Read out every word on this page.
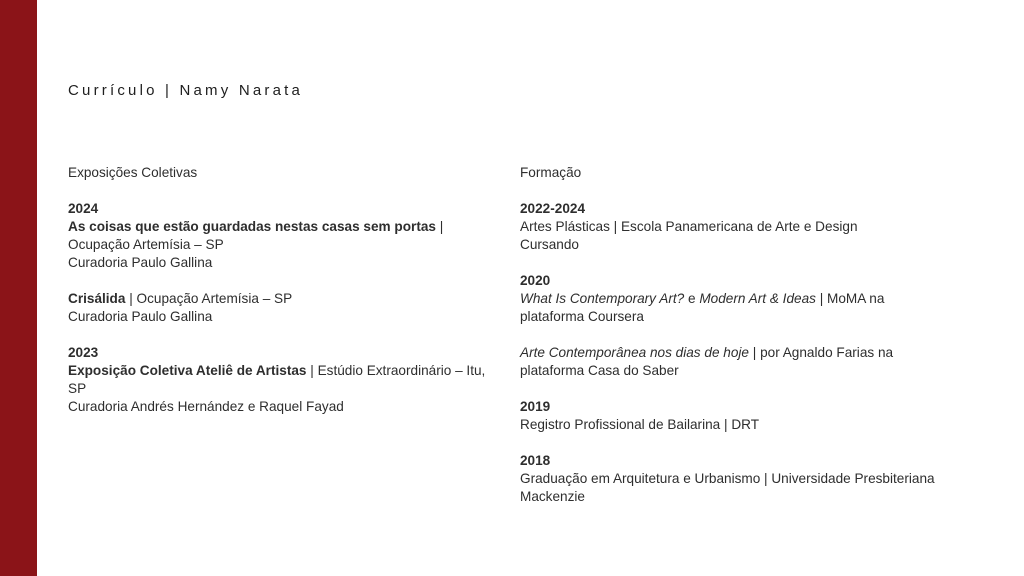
Currículo | Namy Narata
Exposições Coletivas
2024
As coisas que estão guardadas nestas casas sem portas | Ocupação Artemísia – SP
Curadoria Paulo Gallina
Crisálida | Ocupação Artemísia – SP
Curadoria Paulo Gallina
2023
Exposição Coletiva Ateliê de Artistas | Estúdio Extraordinário – Itu, SP
Curadoria Andrés Hernández e Raquel Fayad
Formação
2022-2024
Artes Plásticas | Escola Panamericana de Arte e Design
Cursando
2020
What Is Contemporary Art? e Modern Art & Ideas | MoMA na plataforma Coursera
Arte Contemporânea nos dias de hoje | por Agnaldo Farias na plataforma Casa do Saber
2019
Registro Profissional de Bailarina | DRT
2018
Graduação em Arquitetura e Urbanismo | Universidade Presbiteriana Mackenzie
